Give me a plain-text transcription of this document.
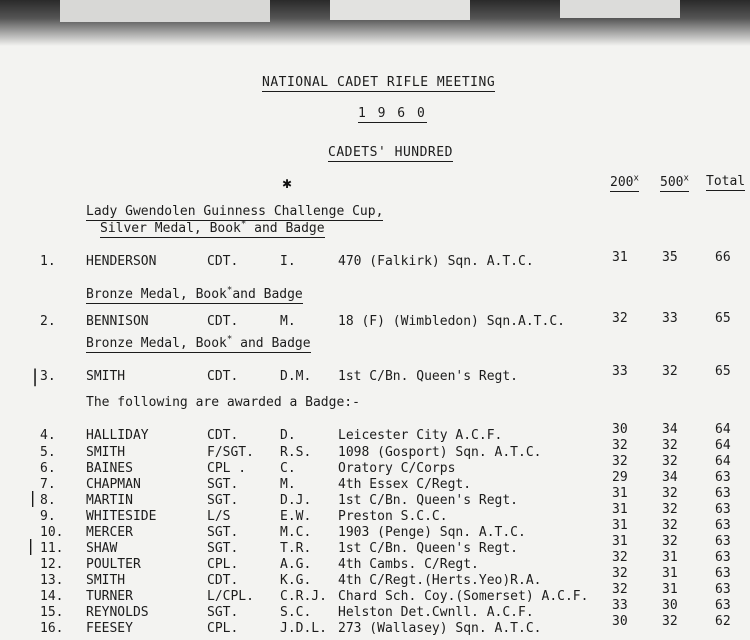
NATIONAL CADET RIFLE MEETING
1 9 6 0
CADETS' HUNDRED
200$^x$ 500$^x$ Total
✱
Lady Gwendolen Guinness Challenge Cup,
Silver Medal, Book* and Badge
Bronze Medal, Book*and Badge
Bronze Medal, Book* and Badge
The following are awarded a Badge:-
|
|
|
1. HENDERSON	CDT.	I.	470 (Falkirk) Sqn. A.T.C.	31	35	66
2. BENNISON	CDT.	M.	18 (F) (Wimbledon) Sqn.A.T.C.	32	33	65
3. SMITH	CDT.	D.M. 1st C/Bn. Queen's Regt.	33	32	65
4. HALLIDAY	CDT.	D.	Leicester City A.C.F.	30	34	64
5. SMITH	F/SGT. R.S. 1098 (Gosport) Sqn. A.T.C.	32	32	64
6. BAINES	CPL .	C.	Oratory C/Corps	32	32	64
7. CHAPMAN	SGT.	M.	4th Essex C/Regt.	29	34	63
8. MARTIN	SGT.	D.J. 1st C/Bn. Queen's Regt.	31	32	63
9. WHITESIDE	L/S	E.W. Preston S.C.C.	31	32	63
10. MERCER	SGT.	M.C. 1903 (Penge) Sqn. A.T.C.	31	32	63
11. SHAW	SGT.	T.R. 1st C/Bn. Queen's Regt.	31	32	63
12. POULTER	CPL.	A.G. 4th Cambs. C/Regt.	32	31	63
13. SMITH	CDT.	K.G. 4th C/Regt.(Herts.Yeo)R.A.	32	31	63
14. TURNER	L/CPL. C.R.J. Chard Sch. Coy.(Somerset) A.C.F. 32	31	63
15. REYNOLDS	SGT.	S.C. Helston Det.Cwnll. A.C.F.	33	30	63
16. FEESEY	CPL.	J.D.L. 273 (Wallasey) Sqn. A.T.C.	30	32	62
